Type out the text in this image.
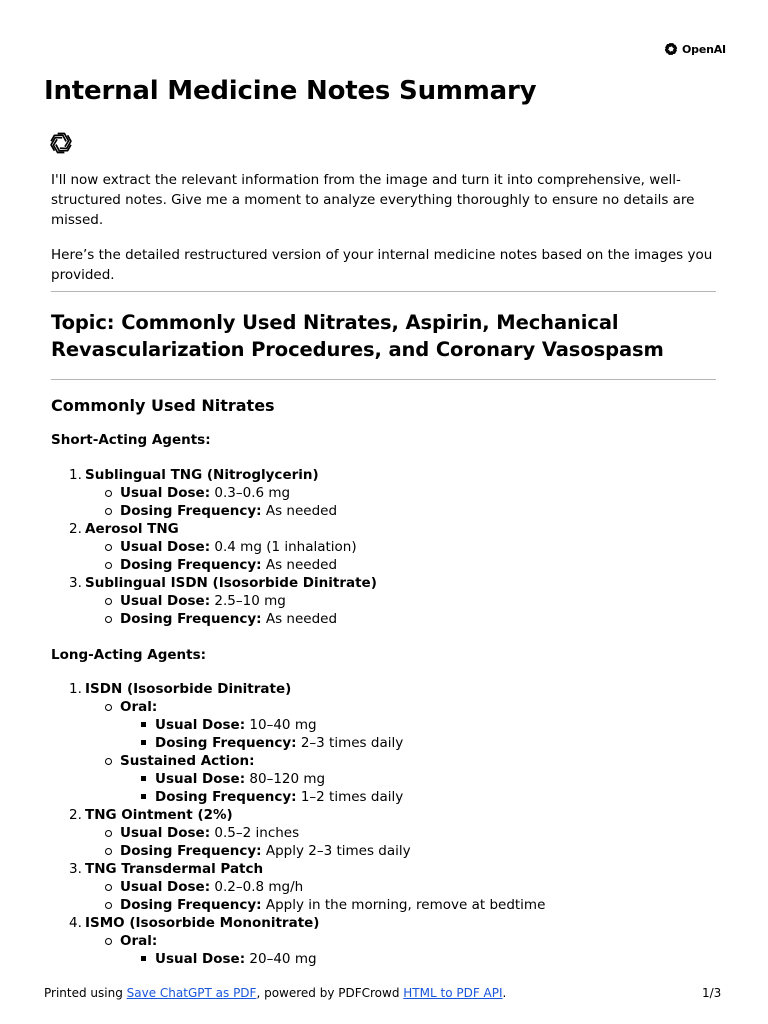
OpenAI
Internal Medicine Notes Summary

I'll now extract the relevant information from the image and turn it into comprehensive, well-structured notes. Give me a moment to analyze everything thoroughly to ensure no details are missed.

Here’s the detailed restructured version of your internal medicine notes based on the images you provided.

Topic: Commonly Used Nitrates, Aspirin, Mechanical Revascularization Procedures, and Coronary Vasospasm
Commonly Used Nitrates

Short-Acting Agents:

1. Sublingual TNG (Nitroglycerin)
Usual Dose: 0.3–0.6 mg
Dosing Frequency: As needed
2. Aerosol TNG
Usual Dose: 0.4 mg (1 inhalation)
Dosing Frequency: As needed
3. Sublingual ISDN (Isosorbide Dinitrate)
Usual Dose: 2.5–10 mg
Dosing Frequency: As needed

Long-Acting Agents:

1. ISDN (Isosorbide Dinitrate)
Oral:
Usual Dose: 10–40 mg
Dosing Frequency: 2–3 times daily
Sustained Action:
Usual Dose: 80–120 mg
Dosing Frequency: 1–2 times daily
2. TNG Ointment (2%)
Usual Dose: 0.5–2 inches
Dosing Frequency: Apply 2–3 times daily
3. TNG Transdermal Patch
Usual Dose: 0.2–0.8 mg/h
Dosing Frequency: Apply in the morning, remove at bedtime
4. ISMO (Isosorbide Mononitrate)
Oral:
Usual Dose: 20–40 mg
Printed using Save ChatGPT as PDF, powered by PDFCrowd HTML to PDF API.	1/3
